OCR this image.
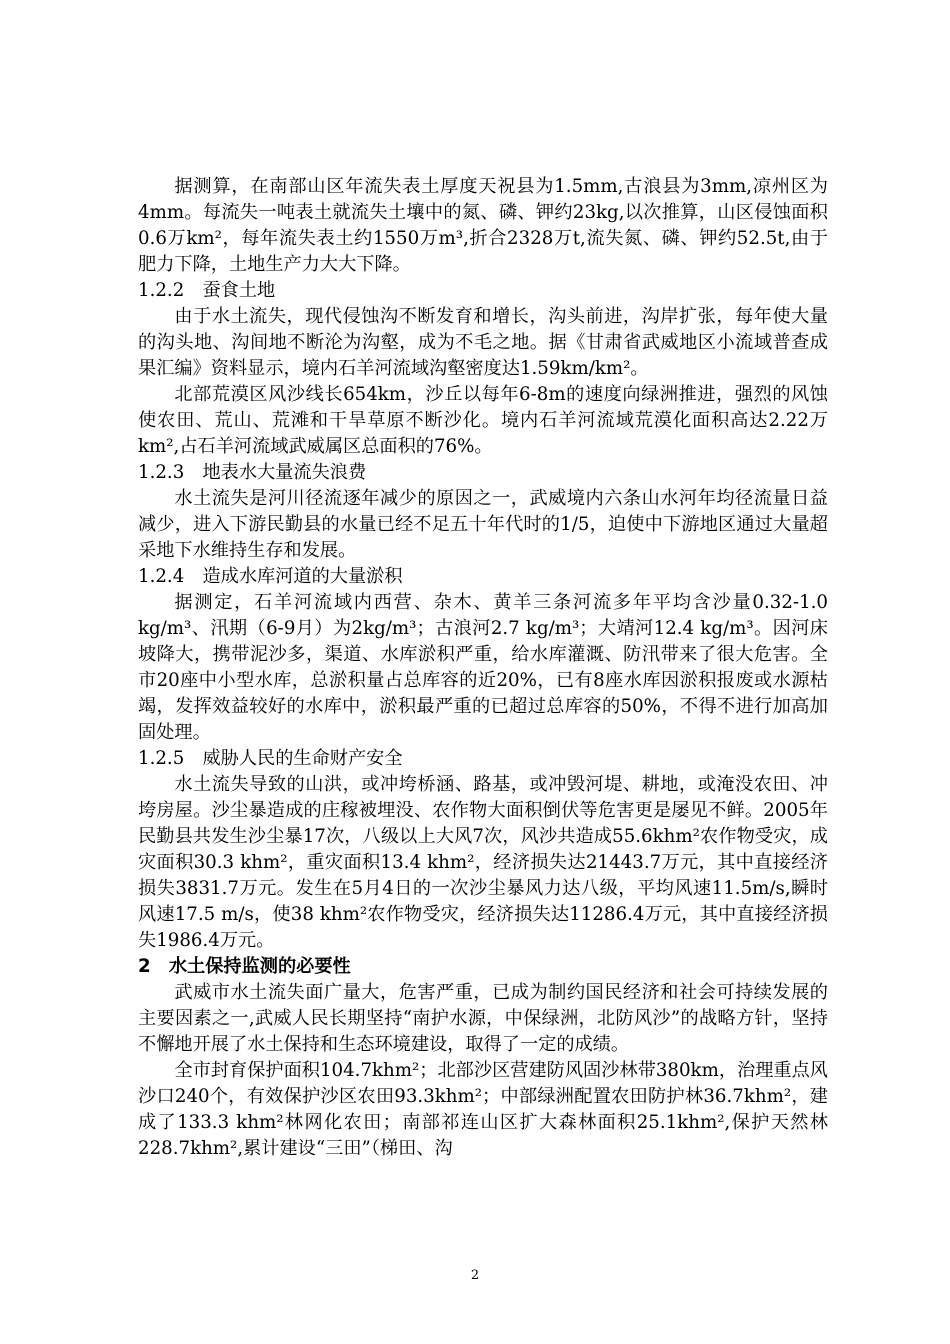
据测算，在南部山区年流失表土厚度天祝县为1.5mm,古浪县为3mm,凉州区为4mm。每流失一吨表土就流失土壤中的氮、磷、钾约23kg,以次推算，山区侵蚀面积0.6万km²，每年流失表土约1550万m³,折合2328万t,流失氮、磷、钾约52.5t,由于肥力下降，土地生产力大大下降。

1.2.2　蚕食土地

由于水土流失，现代侵蚀沟不断发育和增长，沟头前进，沟岸扩张，每年使大量的沟头地、沟间地不断沦为沟壑，成为不毛之地。据《甘肃省武威地区小流域普查成果汇编》资料显示，境内石羊河流域沟壑密度达1.59km/km²。

北部荒漠区风沙线长654km，沙丘以每年6-8m的速度向绿洲推进，强烈的风蚀使农田、荒山、荒滩和干旱草原不断沙化。境内石羊河流域荒漠化面积高达2.22万km²,占石羊河流域武威属区总面积的76%。

1.2.3　地表水大量流失浪费

水土流失是河川径流逐年减少的原因之一，武威境内六条山水河年均径流量日益减少，进入下游民勤县的水量已经不足五十年代时的1/5，迫使中下游地区通过大量超采地下水维持生存和发展。

1.2.4　造成水库河道的大量淤积

据测定，石羊河流域内西营、杂木、黄羊三条河流多年平均含沙量0.32-1.0 kg/m³、汛期（6-9月）为2kg/m³；古浪河2.7 kg/m³；大靖河12.4 kg/m³。因河床坡降大，携带泥沙多，渠道、水库淤积严重，给水库灌溉、防汛带来了很大危害。全市20座中小型水库，总淤积量占总库容的近20%，已有8座水库因淤积报废或水源枯竭，发挥效益较好的水库中，淤积最严重的已超过总库容的50%，不得不进行加高加固处理。

1.2.5　威胁人民的生命财产安全

水土流失导致的山洪，或冲垮桥涵、路基，或冲毁河堤、耕地，或淹没农田、冲垮房屋。沙尘暴造成的庄稼被埋没、农作物大面积倒伏等危害更是屡见不鲜。2005年民勤县共发生沙尘暴17次，八级以上大风7次，风沙共造成55.6khm²农作物受灾，成灾面积30.3 khm²，重灾面积13.4 khm²，经济损失达21443.7万元，其中直接经济损失3831.7万元。发生在5月4日的一次沙尘暴风力达八级，平均风速11.5m/s,瞬时风速17.5 m/s，使38 khm²农作物受灾，经济损失达11286.4万元，其中直接经济损失1986.4万元。

2　水土保持监测的必要性

武威市水土流失面广量大，危害严重，已成为制约国民经济和社会可持续发展的主要因素之一,武威人民长期坚持“南护水源，中保绿洲，北防风沙”的战略方针，坚持不懈地开展了水土保持和生态环境建设，取得了一定的成绩。

全市封育保护面积104.7khm²；北部沙区营建防风固沙林带380km，治理重点风沙口240个，有效保护沙区农田93.3khm²；中部绿洲配置农田防护林36.7khm²，建成了133.3 khm²林网化农田；南部祁连山区扩大森林面积25.1khm²,保护天然林228.7khm²,累计建设“三田”（梯田、沟

2
